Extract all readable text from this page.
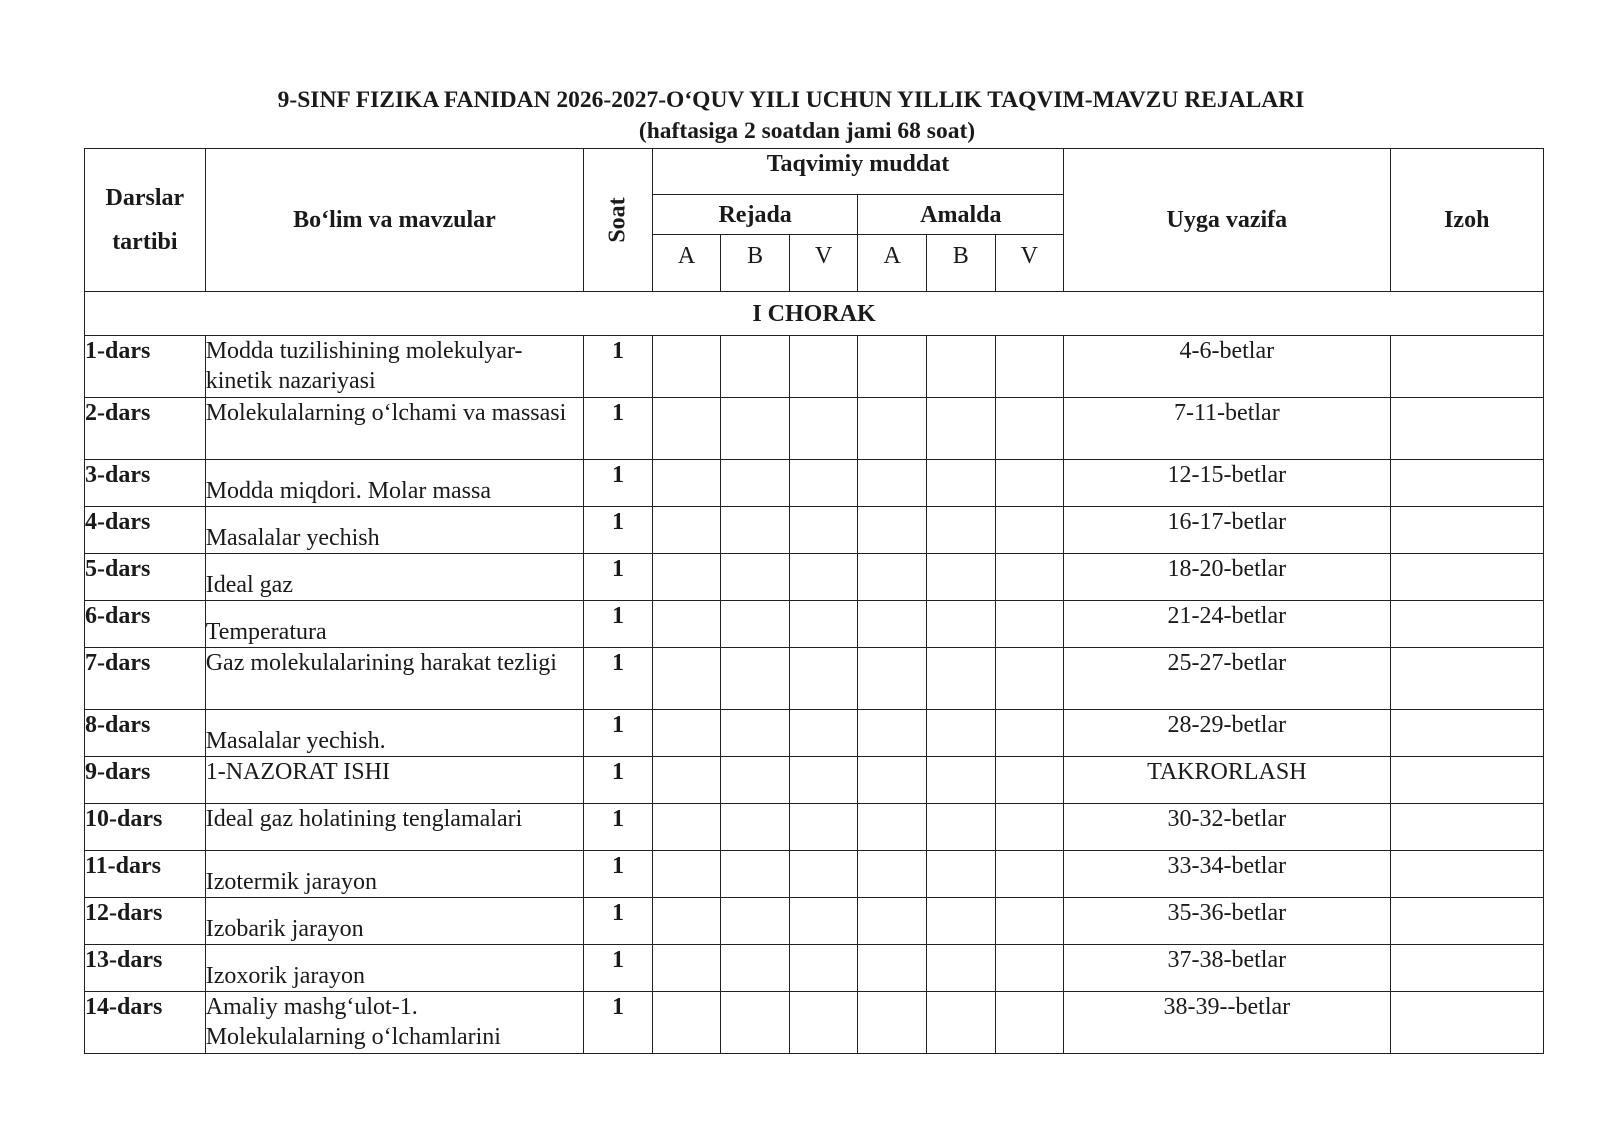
9-SINF FIZIKA FANIDAN 2026-2027-O‘QUV YILI UCHUN YILLIK TAQVIM-MAVZU REJALARI
(haftasiga 2 soatdan jami 68 soat)
Darslar
tartibi	Bo‘lim va mavzular	Soat	Taqvimiy muddat						Uyga vazifa	Izoh
			Rejada			Amalda				
			A	B	V	A	B	V		
I CHORAK										
1-dars	Modda tuzilishining molekulyar-kinetik nazariyasi	1							4-6-betlar	
2-dars	Molekulalarning o‘lchami va massasi	1							7-11-betlar	
3-dars	Modda miqdori. Molar massa	1							12-15-betlar	
4-dars	Masalalar yechish	1							16-17-betlar	
5-dars	Ideal gaz	1							18-20-betlar	
6-dars	Temperatura	1							21-24-betlar	
7-dars	Gaz molekulalarining harakat tezligi	1							25-27-betlar	
8-dars	Masalalar yechish.	1							28-29-betlar	
9-dars	1-NAZORAT ISHI	1							TAKRORLASH	
10-dars	Ideal gaz holatining tenglamalari	1							30-32-betlar	
11-dars	Izotermik jarayon	1							33-34-betlar	
12-dars	Izobarik jarayon	1							35-36-betlar	
13-dars	Izoxorik jarayon	1							37-38-betlar	
14-dars	Amaliy mashg‘ulot-1. Molekulalarning o‘lchamlarini	1							38-39--betlar	
